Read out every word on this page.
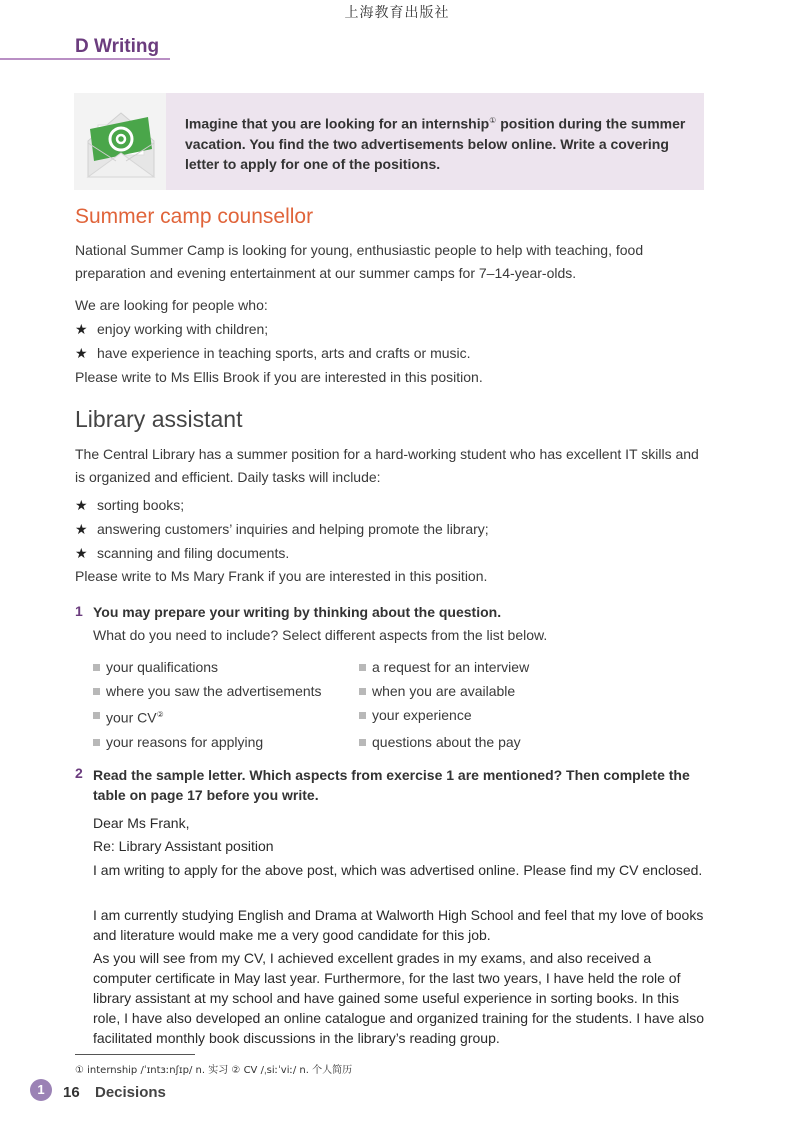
上海教育出版社
D Writing
Imagine that you are looking for an internship① position during the summer vacation. You find the two advertisements below online. Write a covering letter to apply for one of the positions.
Summer camp counsellor
National Summer Camp is looking for young, enthusiastic people to help with teaching, food preparation and evening entertainment at our summer camps for 7–14-year-olds.
We are looking for people who:
★ enjoy working with children;
★ have experience in teaching sports, arts and crafts or music.
Please write to Ms Ellis Brook if you are interested in this position.
Library assistant
The Central Library has a summer position for a hard-working student who has excellent IT skills and is organized and efficient. Daily tasks will include:
★ sorting books;
★ answering customers’ inquiries and helping promote the library;
★ scanning and filing documents.
Please write to Ms Mary Frank if you are interested in this position.
1 You may prepare your writing by thinking about the question.
What do you need to include? Select different aspects from the list below.
your qualifications	a request for an interview
where you saw the advertisements	when you are available
your CV②	your experience
your reasons for applying	questions about the pay
2 Read the sample letter. Which aspects from exercise 1 are mentioned? Then complete the table on page 17 before you write.
Dear Ms Frank,
Re: Library Assistant position
I am writing to apply for the above post, which was advertised online. Please find my CV enclosed.
I am currently studying English and Drama at Walworth High School and feel that my love of books and literature would make me a very good candidate for this job.
As you will see from my CV, I achieved excellent grades in my exams, and also received a computer certificate in May last year. Furthermore, for the last two years, I have held the role of library assistant at my school and have gained some useful experience in sorting books. In this role, I have also developed an online catalogue and organized training for the students. I have also facilitated monthly book discussions in the library’s reading group.
① internship /ˈɪntɜːnʃɪp/ n. 实习 ② CV /ˌsiːˈviː/ n. 个人简历
1	16 Decisions
